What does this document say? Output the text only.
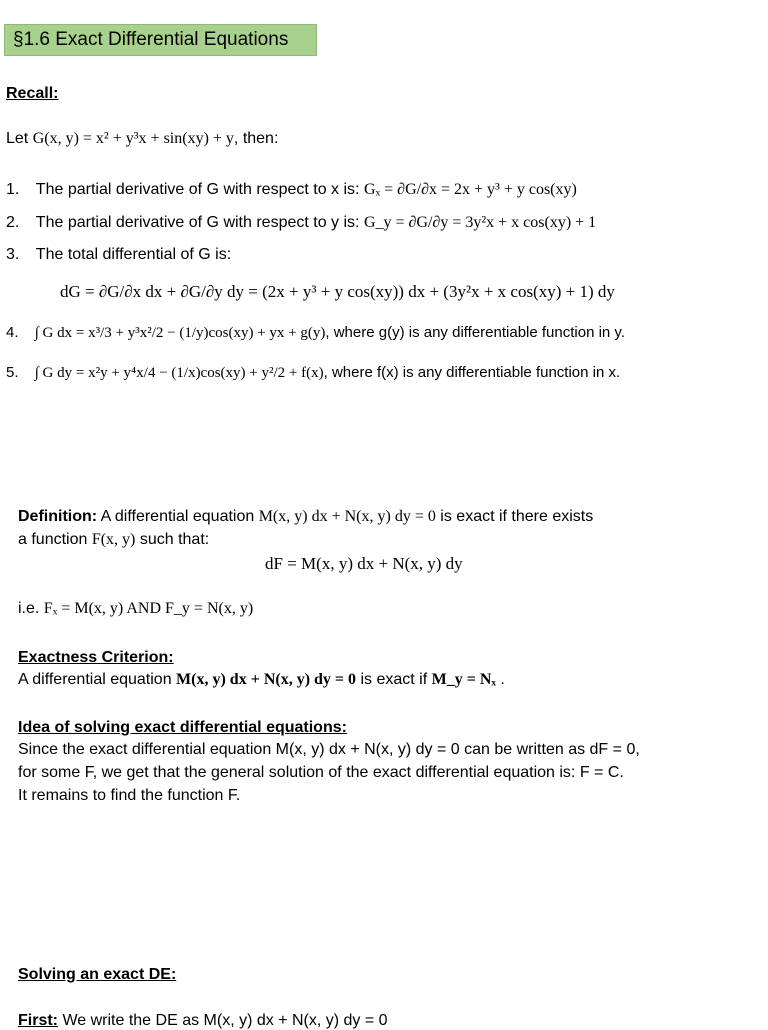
§1.6 Exact Differential Equations
Recall:
Let G(x, y) = x² + y³x + sin(xy) + y, then:
1. The partial derivative of G with respect to x is: Gₓ = ∂G/∂x = 2x + y³ + y cos(xy)
2. The partial derivative of G with respect to y is: G_y = ∂G/∂y = 3y²x + x cos(xy) + 1
3. The total differential of G is:
dG = ∂G/∂x dx + ∂G/∂y dy = (2x + y³ + y cos(xy)) dx + (3y²x + x cos(xy) + 1) dy
4. ∫ G dx = x³/3 + y³x²/2 − (1/y)cos(xy) + yx + g(y), where g(y) is any differentiable function in y.
5. ∫ G dy = x²y + y⁴x/4 − (1/x)cos(xy) + y²/2 + f(x), where f(x) is any differentiable function in x.
Definition: A differential equation M(x, y) dx + N(x, y) dy = 0 is exact if there exists
a function F(x, y) such that:
dF = M(x, y) dx + N(x, y) dy
i.e. Fₓ = M(x, y) AND F_y = N(x, y)
Exactness Criterion:
A differential equation M(x, y) dx + N(x, y) dy = 0 is exact if M_y = Nₓ .
Idea of solving exact differential equations:
Since the exact differential equation M(x, y) dx + N(x, y) dy = 0 can be written as dF = 0,
for some F, we get that the general solution of the exact differential equation is: F = C.
It remains to find the function F.
Solving an exact DE:
First: We write the DE as M(x, y) dx + N(x, y) dy = 0
